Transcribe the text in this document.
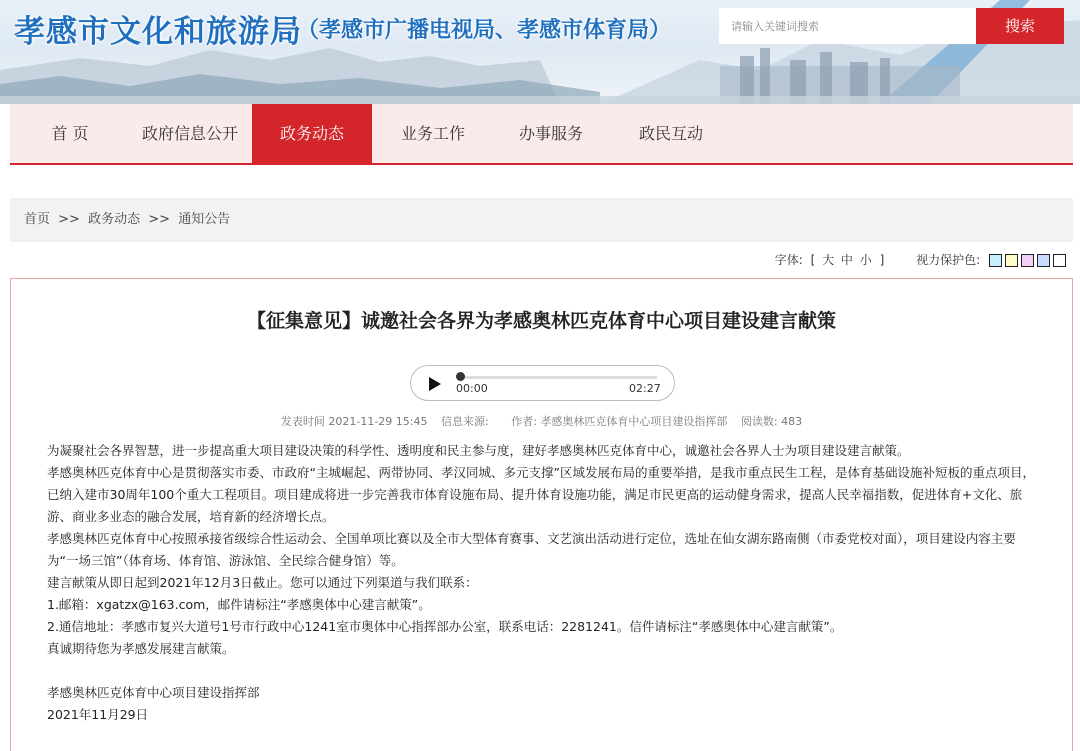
孝感市文化和旅游局
（孝感市广播电视局、孝感市体育局）
请输入关键词搜索	搜索
首 页	政府信息公开	政务动态	业务工作	办事服务	政民互动
首页 >> 政务动态 >> 通知公告
字体: [ 大 中 小 ]	视力保护色:
【征集意见】诚邀社会各界为孝感奥林匹克体育中心项目建设建言献策
00:00	02:27
发表时间 2021-11-29 15:45 信息来源: 作者: 孝感奥林匹克体育中心项目建设指挥部 阅读数: 483

为凝聚社会各界智慧，进一步提高重大项目建设决策的科学性、透明度和民主参与度，建好孝感奥林匹克体育中心，诚邀社会各界人士为项目建设建言献策。

孝感奥林匹克体育中心是贯彻落实市委、市政府“主城崛起、两带协同、孝汉同城、多元支撑”区域发展布局的重要举措，是我市重点民生工程，是体育基础设施补短板的重点项目，已纳入建市30周年100个重大工程项目。项目建成将进一步完善我市体育设施布局、提升体育设施功能，满足市民更高的运动健身需求，提高人民幸福指数，促进体育+文化、旅游、商业多业态的融合发展，培育新的经济增长点。

孝感奥林匹克体育中心按照承接省级综合性运动会、全国单项比赛以及全市大型体育赛事、文艺演出活动进行定位，选址在仙女湖东路南侧（市委党校对面），项目建设内容主要为“一场三馆”（体育场、体育馆、游泳馆、全民综合健身馆）等。

建言献策从即日起到2021年12月3日截止。您可以通过下列渠道与我们联系：

1.邮箱：xgatzx@163.com，邮件请标注“孝感奥体中心建言献策”。

2.通信地址：孝感市复兴大道号1号市行政中心1241室市奥体中心指挥部办公室，联系电话：2281241。信件请标注“孝感奥体中心建言献策”。

真诚期待您为孝感发展建言献策。

孝感奥林匹克体育中心项目建设指挥部

2021年11月29日
